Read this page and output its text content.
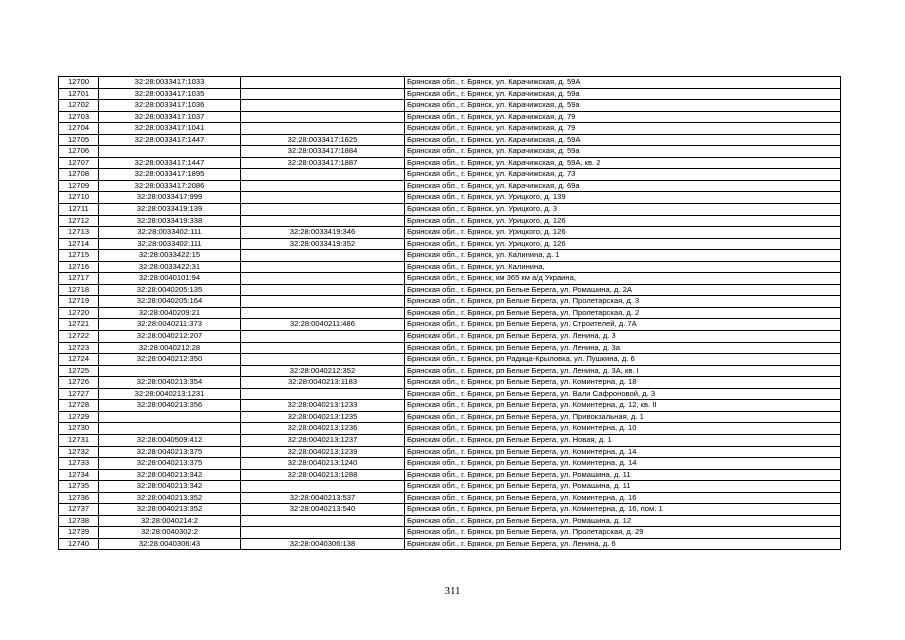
12700	32:28:0033417:1033		Брянская обл., г. Брянск, ул. Карачижская, д. 59А
12701	32:28:0033417:1035		Брянская обл., г. Брянск, ул. Карачижская, д. 59а
12702	32:28:0033417:1036		Брянская обл., г. Брянск, ул. Карачижская, д. 59а
12703	32:28:0033417:1037		Брянская обл., г. Брянск, ул. Карачижская, д. 79
12704	32:28:0033417:1041		Брянская обл., г. Брянск, ул. Карачижская, д. 79
12705	32:28:0033417:1447	32:28:0033417:1625	Брянская обл., г. Брянск, ул. Карачижская, д. 59А
12706		32:28:0033417:1884	Брянская обл., г. Брянск, ул. Карачижская, д. 59а
12707	32:28:0033417:1447	32:28:0033417:1887	Брянская обл., г. Брянск, ул. Карачижская, д. 59А, кв. 2
12708	32:28:0033417:1895		Брянская обл., г. Брянск, ул. Карачижская, д. 73
12709	32:28:0033417:2086		Брянская обл., г. Брянск, ул. Карачижская, д. 69а
12710	32:28:0033417:999		Брянская обл., г. Брянск, ул. Урицкого, д. 139
12711	32:28:0033419:139		Брянская обл., г. Брянск, ул. Урицкого, д. 3
12712	32:28:0033419:338		Брянская обл., г. Брянск, ул. Урицкого, д. 126
12713	32:28:0033402:111	32:28:0033419:346	Брянская обл., г. Брянск, ул. Урицкого, д. 126
12714	32:28:0033402:111	32:28:0033419:352	Брянская обл., г. Брянск, ул. Урицкого, д. 126
12715	32:28:0033422:15		Брянская обл., г. Брянск, ул. Калинина, д. 1
12716	32:28:0033422:31		Брянская обл., г. Брянск, ул. Калинина,
12717	32:28:0040101:94		Брянская обл., г. Брянск, км 365 км а/д Украина,
12718	32:28:0040205:135		Брянская обл., г. Брянск, рп Белые Берега, ул. Ромашина, д. 2А
12719	32:28:0040205:164		Брянская обл., г. Брянск, рп Белые Берега, ул. Пролетарская, д. 3
12720	32:28:0040209:21		Брянская обл., г. Брянск, рп Белые Берега, ул. Пролетарская, д. 2
12721	32:28:0040211:373	32:28:0040211:486	Брянская обл., г. Брянск, рп Белые Берега, ул. Строителей, д. 7А
12722	32:28:0040212:207		Брянская обл., г. Брянск, рп Белые Берега, ул. Ленина, д. 3
12723	32:28:0040212:28		Брянская обл., г. Брянск, рп Белые Берега, ул. Ленина, д. 3а
12724	32:28:0040212:350		Брянская обл., г. Брянск, рп Радица-Крыловка, ул. Пушкина, д. 6
12725		32:28:0040212:352	Брянская обл., г. Брянск, рп Белые Берега, ул. Ленина, д. 3А, кв. I
12726	32:28:0040213:354	32:28:0040213:1183	Брянская обл., г. Брянск, рп Белые Берега, ул. Коминтерна, д. 18
12727	32:28:0040213:1231		Брянская обл., г. Брянск, рп Белые Берега, ул. Вали Сафроновой, д. 3
12728	32:28:0040213:356	32:28:0040213:1233	Брянская обл., г. Брянск, рп Белые Берега, ул. Коминтерна, д. 12, кв. II
12729		32:28:0040213:1235	Брянская обл., г. Брянск, рп Белые Берега, ул. Привокзальная, д. 1
12730		32:28:0040213:1236	Брянская обл., г. Брянск, рп Белые Берега, ул. Коминтерна, д. 10
12731	32:28:0040509:412	32:28:0040213:1237	Брянская обл., г. Брянск, рп Белые Берега, ул. Новая, д. 1
12732	32:28:0040213:375	32:28:0040213:1239	Брянская обл., г. Брянск, рп Белые Берега, ул. Коминтерна, д. 14
12733	32:28:0040213:375	32:28:0040213:1240	Брянская обл., г. Брянск, рп Белые Берега, ул. Коминтерна, д. 14
12734	32:28:0040213:342	32:28:0040213:1288	Брянская обл., г. Брянск, рп Белые Берега, ул. Ромашина, д. 11
12735	32:28:0040213:342		Брянская обл., г. Брянск, рп Белые Берега, ул. Ромашина, д. 11
12736	32:28:0040213:352	32:28:0040213:537	Брянская обл., г. Брянск, рп Белые Берега, ул. Коминтерна, д. 16
12737	32:28:0040213:352	32:28:0040213:540	Брянская обл., г. Брянск, рп Белые Берега, ул. Коминтерна, д. 16, пом. 1
12738	32:28:0040214:2		Брянская обл., г. Брянск, рп Белые Берега, ул. Ромашина, д. 12
12739	32:28:0040302:2		Брянская обл., г. Брянск, рп Белые Берега, ул. Пролетарская, д. 29
12740	32:28:0040306:43	32:28:0040306:138	Брянская обл., г. Брянск, рп Белые Берега, ул. Ленина, д. 6
311
